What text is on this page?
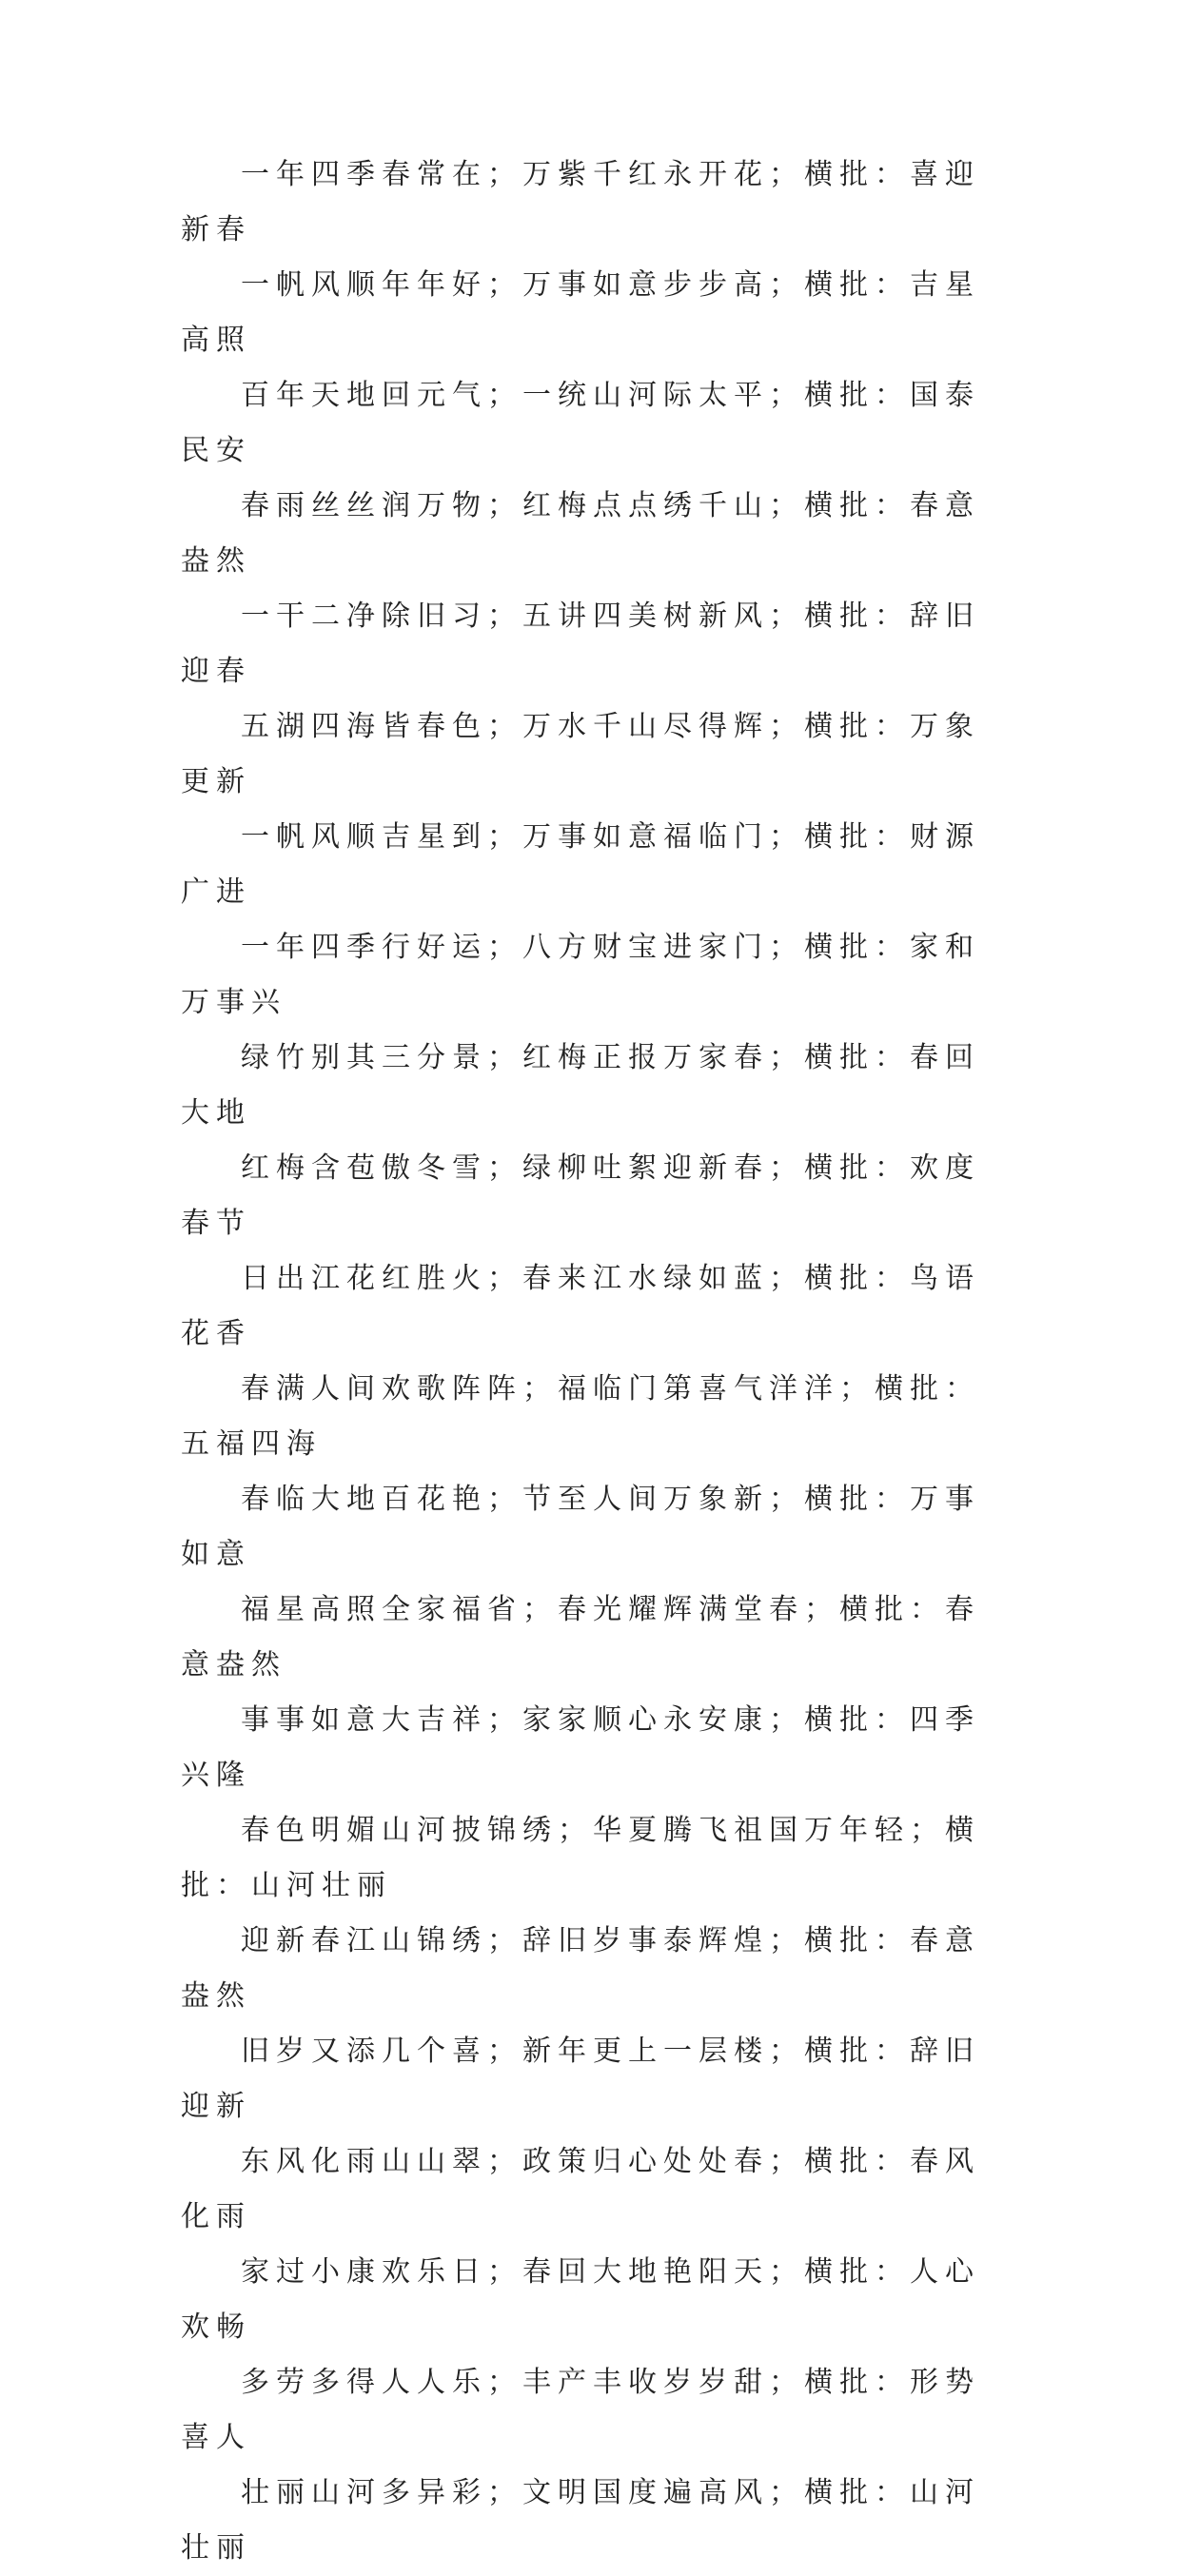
一年四季春常在；万紫千红永开花；横批：喜迎新春

一帆风顺年年好；万事如意步步高；横批：吉星高照

百年天地回元气；一统山河际太平；横批：国泰民安

春雨丝丝润万物；红梅点点绣千山；横批：春意盎然

一干二净除旧习；五讲四美树新风；横批：辞旧迎春

五湖四海皆春色；万水千山尽得辉；横批：万象更新

一帆风顺吉星到；万事如意福临门；横批：财源广进

一年四季行好运；八方财宝进家门；横批：家和万事兴

绿竹别其三分景；红梅正报万家春；横批：春回大地

红梅含苞傲冬雪；绿柳吐絮迎新春；横批：欢度春节

日出江花红胜火；春来江水绿如蓝；横批：鸟语花香

春满人间欢歌阵阵；福临门第喜气洋洋；横批：五福四海

春临大地百花艳；节至人间万象新；横批：万事如意

福星高照全家福省；春光耀辉满堂春；横批：春意盎然

事事如意大吉祥；家家顺心永安康；横批：四季兴隆

春色明媚山河披锦绣；华夏腾飞祖国万年轻；横批：山河壮丽

迎新春江山锦绣；辞旧岁事泰辉煌；横批：春意盎然

旧岁又添几个喜；新年更上一层楼；横批：辞旧迎新

东风化雨山山翠；政策归心处处春；横批：春风化雨

家过小康欢乐日；春回大地艳阳天；横批：人心欢畅

多劳多得人人乐；丰产丰收岁岁甜；横批：形势喜人

壮丽山河多异彩；文明国度遍高风；横批：山河壮丽
